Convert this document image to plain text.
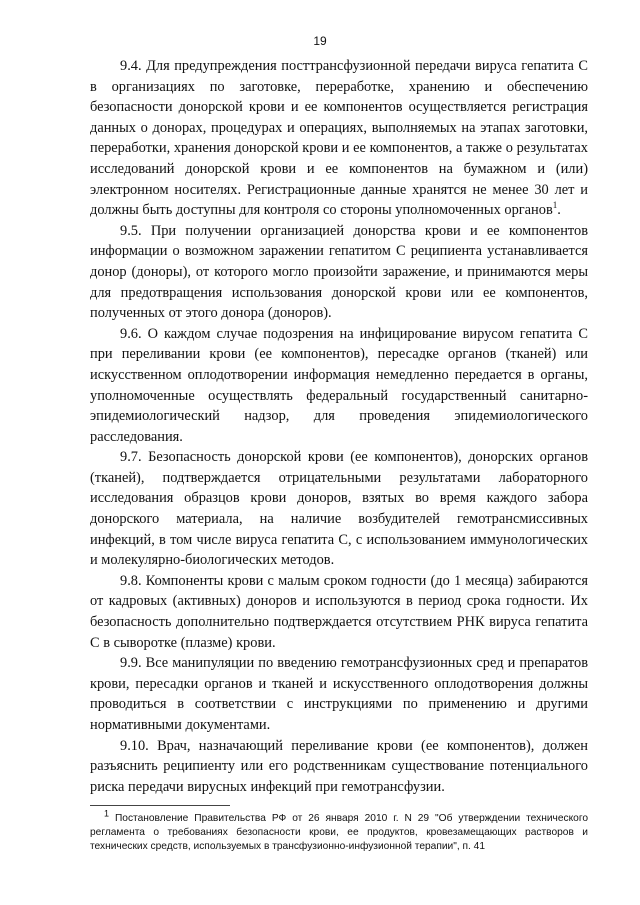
19

9.4. Для предупреждения посттрансфузионной передачи вируса гепатита С в организациях по заготовке, переработке, хранению и обеспечению безопасности донорской крови и ее компонентов осуществляется регистрация данных о донорах, процедурах и операциях, выполняемых на этапах заготовки, переработки, хранения донорской крови и ее компонентов, а также о результатах исследований донорской крови и ее компонентов на бумажном и (или) электронном носителях. Регистрационные данные хранятся не менее 30 лет и должны быть доступны для контроля со стороны уполномоченных органов$^1$.

9.5. При получении организацией донорства крови и ее компонентов информации о возможном заражении гепатитом С реципиента устанавливается донор (доноры), от которого могло произойти заражение, и принимаются меры для предотвращения использования донорской крови или ее компонентов, полученных от этого донора (доноров).

9.6. О каждом случае подозрения на инфицирование вирусом гепатита С при переливании крови (ее компонентов), пересадке органов (тканей) или искусственном оплодотворении информация немедленно передается в органы, уполномоченные осуществлять федеральный государственный санитарно-эпидемиологический надзор, для проведения эпидемиологического расследования.

9.7. Безопасность донорской крови (ее компонентов), донорских органов (тканей), подтверждается отрицательными результатами лабораторного исследования образцов крови доноров, взятых во время каждого забора донорского материала, на наличие возбудителей гемотрансмиссивных инфекций, в том числе вируса гепатита С, с использованием иммунологических и молекулярно-биологических методов.

9.8. Компоненты крови с малым сроком годности (до 1 месяца) забираются от кадровых (активных) доноров и используются в период срока годности. Их безопасность дополнительно подтверждается отсутствием РНК вируса гепатита С в сыворотке (плазме) крови.

9.9. Все манипуляции по введению гемотрансфузионных сред и препаратов крови, пересадки органов и тканей и искусственного оплодотворения должны проводиться в соответствии с инструкциями по применению и другими нормативными документами.

9.10. Врач, назначающий переливание крови (ее компонентов), должен разъяснить реципиенту или его родственникам существование потенциального риска передачи вирусных инфекций при гемотрансфузии.

$^1$ Постановление Правительства РФ от 26 января 2010 г. N 29 "Об утверждении технического регламента о требованиях безопасности крови, ее продуктов, кровезамещающих растворов и технических средств, используемых в трансфузионно-инфузионной терапии", п. 41
